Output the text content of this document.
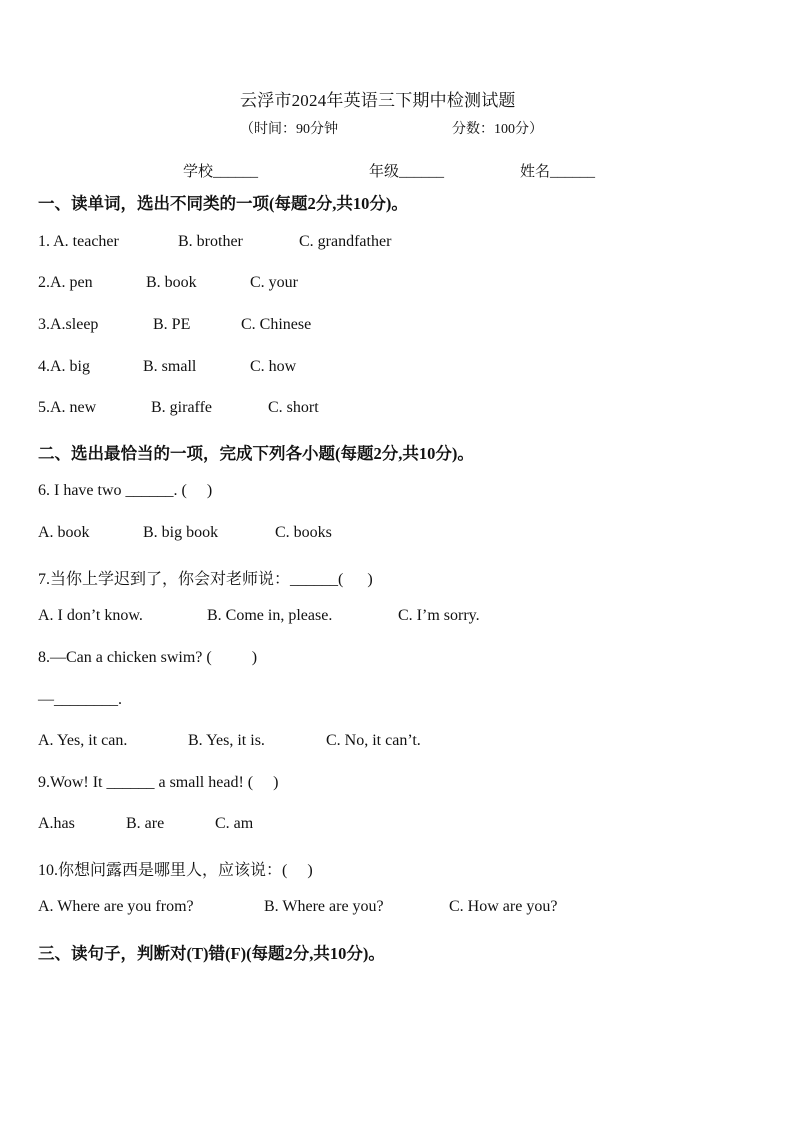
云浮市2024年英语三下期中检测试题
（时间：90分钟	分数：100分）
学校______	年级______	姓名______
一、读单词，选出不同类的一项(每题2分,共10分)。
1. A. teacher	B. brother	C. grandfather
2.A. pen	B. book	C. your
3.A.sleep	B. PE	C. Chinese
4.A. big	B. small	C. how
5.A. new	B. giraffe	C. short
二、选出最恰当的一项，完成下列各小题(每题2分,共10分)。
6. I have two ______. (     )
A. book	B. big book	C. books
7.当你上学迟到了，你会对老师说：______(      )
A. I don’t know.	B. Come in, please.	C. I’m sorry.
8.—Can a chicken swim? (          )
—________.
A. Yes, it can.	B. Yes, it is.	C. No, it can’t.
9.Wow! It ______ a small head! (     )
A.has	B. are	C. am
10.你想问露西是哪里人，应该说：(     )
A. Where are you from?	B. Where are you?	C. How are you?
三、读句子，判断对(T)错(F)(每题2分,共10分)。
